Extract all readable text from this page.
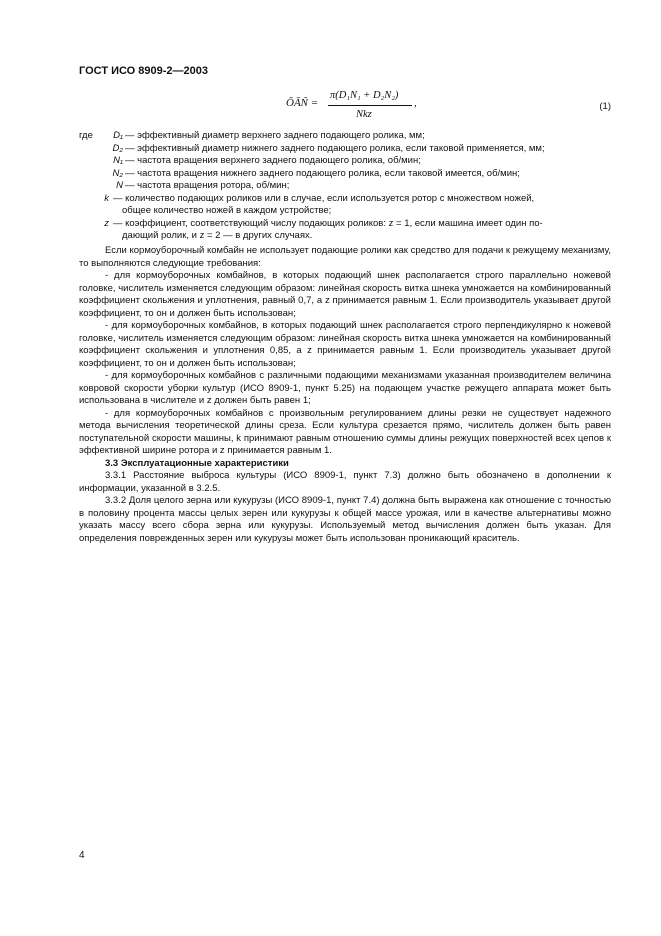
ГОСТ ИСО 8909-2—2003
ŌĀÑ =
π(D₁N₁ + D₂N₂)
Nkz
,	(1)
где	D₁ — эффективный диаметр верхнего заднего подающего ролика, мм;
D₂ — эффективный диаметр нижнего заднего подающего ролика, если таковой применяется, мм;
N₁ — частота вращения верхнего заднего подающего ролика, об/мин;
N₂ — частота вращения нижнего заднего подающего ролика, если таковой имеется, об/мин;
N — частота вращения ротора, об/мин;
k — количество подающих роликов или в случае, если используется ротор с множеством ножей,
общее количество ножей в каждом устройстве;
z — коэффициент, соответствующий числу подающих роликов: z = 1, если машина имеет один по-
дающий ролик, и z = 2 — в других случаях.

Если кормоуборочный комбайн не использует подающие ролики как средство для подачи к режущему механизму, то выполняются следующие требования:

- для кормоуборочных комбайнов, в которых подающий шнек располагается строго параллельно ножевой головке, числитель изменяется следующим образом: линейная скорость витка шнека умножается на комбинированный коэффициент скольжения и уплотнения, равный 0,7, а z принимается равным 1. Если производитель указывает другой коэффициент, то он и должен быть использован;

- для кормоуборочных комбайнов, в которых подающий шнек располагается строго перпендикулярно к ножевой головке, числитель изменяется следующим образом: линейная скорость витка шнека умножается на комбинированный коэффициент скольжения и уплотнения 0,85, а z принимается равным 1. Если производитель указывает другой коэффициент, то он и должен быть использован;

- для кормоуборочных комбайнов с различными подающими механизмами указанная производителем величина ковровой скорости уборки культур (ИСО 8909-1, пункт 5.25) на подающем участке режущего аппарата может быть использована в числителе и z должен быть равен 1;

- для кормоуборочных комбайнов с произвольным регулированием длины резки не существует надежного метода вычисления теоретической длины среза. Если культура срезается прямо, числитель должен быть равен поступательной скорости машины, k принимают равным отношению суммы длины режущих поверхностей всех цепов к эффективной ширине ротора и z принимается равным 1.

3.3 Эксплуатационные характеристики

3.3.1 Расстояние выброса культуры (ИСО 8909-1, пункт 7.3) должно быть обозначено в дополнении к информации, указанной в 3.2.5.

3.3.2 Доля целого зерна или кукурузы (ИСО 8909-1, пункт 7.4) должна быть выражена как отношение с точностью в половину процента массы целых зерен или кукурузы к общей массе урожая, или в качестве альтернативы можно указать массу всего сбора зерна или кукурузы. Используемый метод вычисления должен быть указан. Для определения поврежденных зерен или кукурузы может быть использован проникающий краситель.

4
